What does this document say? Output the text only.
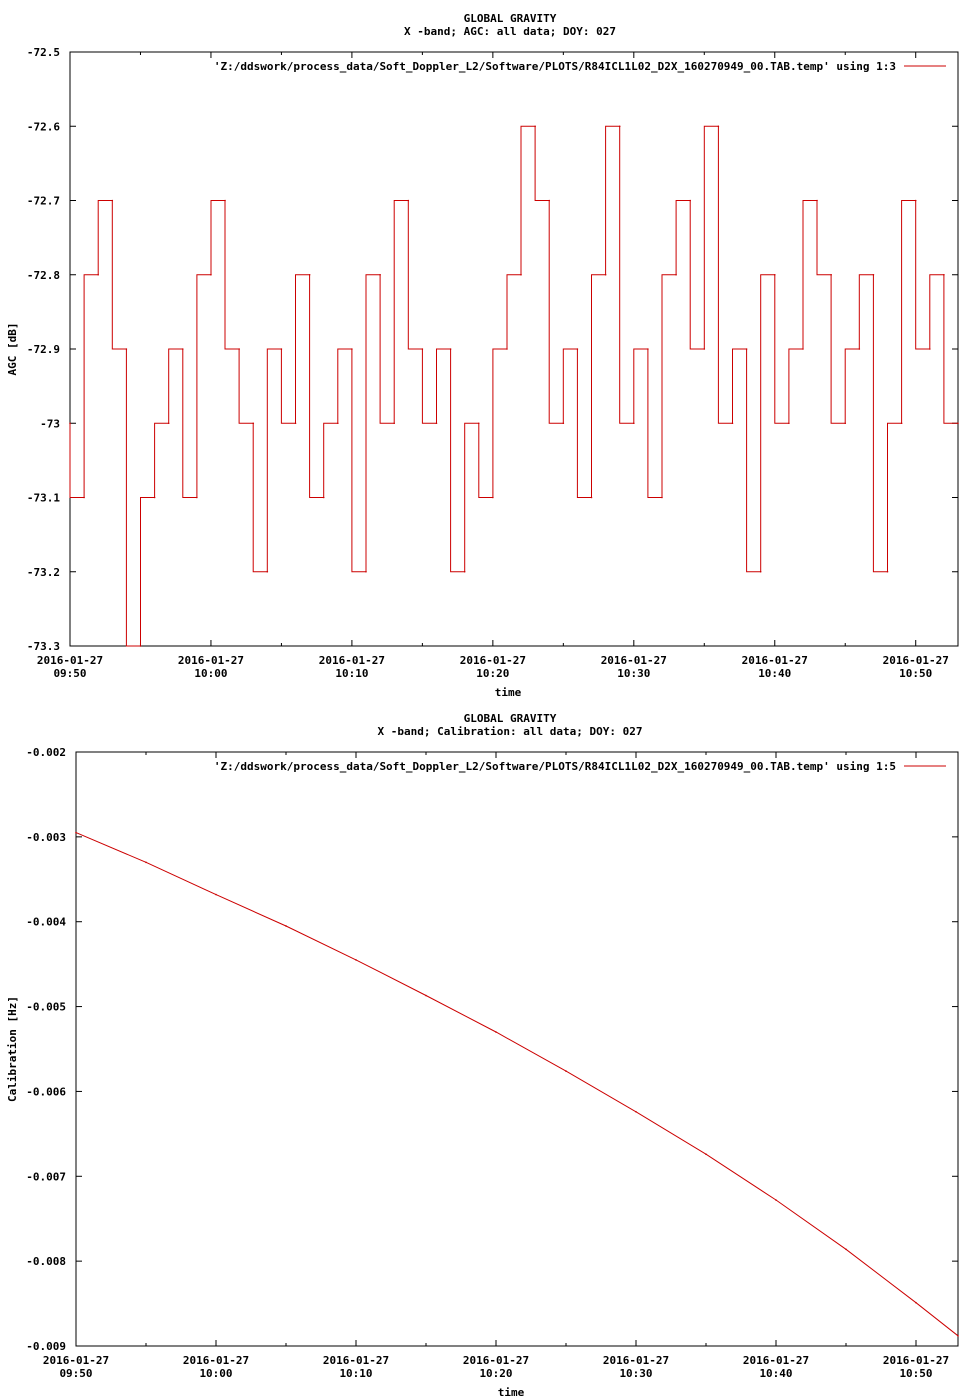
GLOBAL GRAVITY
X -band; AGC: all data; DOY: 027
-72.5
-72.6
-72.7
-72.8
-72.9
-73
-73.1
-73.2
-73.3
2016-01-27
09:50
2016-01-27
10:00
2016-01-27
10:10
2016-01-27
10:20
2016-01-27
10:30
2016-01-27
10:40
2016-01-27
10:50
time
AGC [dB]
'Z:/ddswork/process_data/Soft_Doppler_L2/Software/PLOTS/R84ICL1L02_D2X_160270949_00.TAB.temp' using 1:3
GLOBAL GRAVITY
X -band; Calibration: all data; DOY: 027
-0.002
-0.003
-0.004
-0.005
-0.006
-0.007
-0.008
-0.009
2016-01-27
09:50
2016-01-27
10:00
2016-01-27
10:10
2016-01-27
10:20
2016-01-27
10:30
2016-01-27
10:40
2016-01-27
10:50
time
Calibration [Hz]
'Z:/ddswork/process_data/Soft_Doppler_L2/Software/PLOTS/R84ICL1L02_D2X_160270949_00.TAB.temp' using 1:5
